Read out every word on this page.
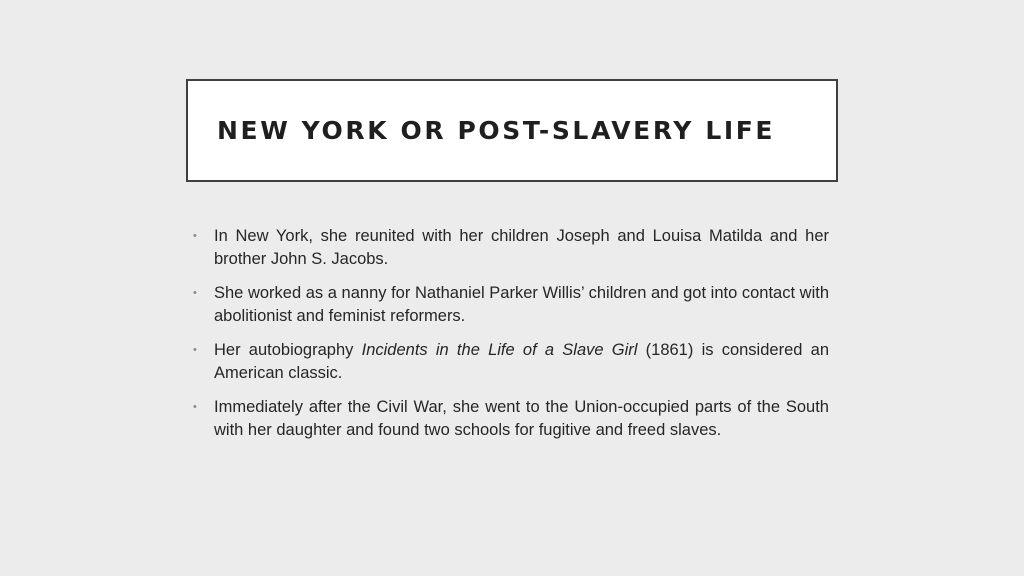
NEW YORK OR POST-SLAVERY LIFE
•	In New York, she reunited with her children Joseph and Louisa Matilda and her brother John S. Jacobs.
•	She worked as a nanny for Nathaniel Parker Willis’ children and got into contact with abolitionist and feminist reformers.
•	Her autobiography Incidents in the Life of a Slave Girl (1861) is considered an American classic.
•	Immediately after the Civil War, she went to the Union-occupied parts of the South with her daughter and found two schools for fugitive and freed slaves.
